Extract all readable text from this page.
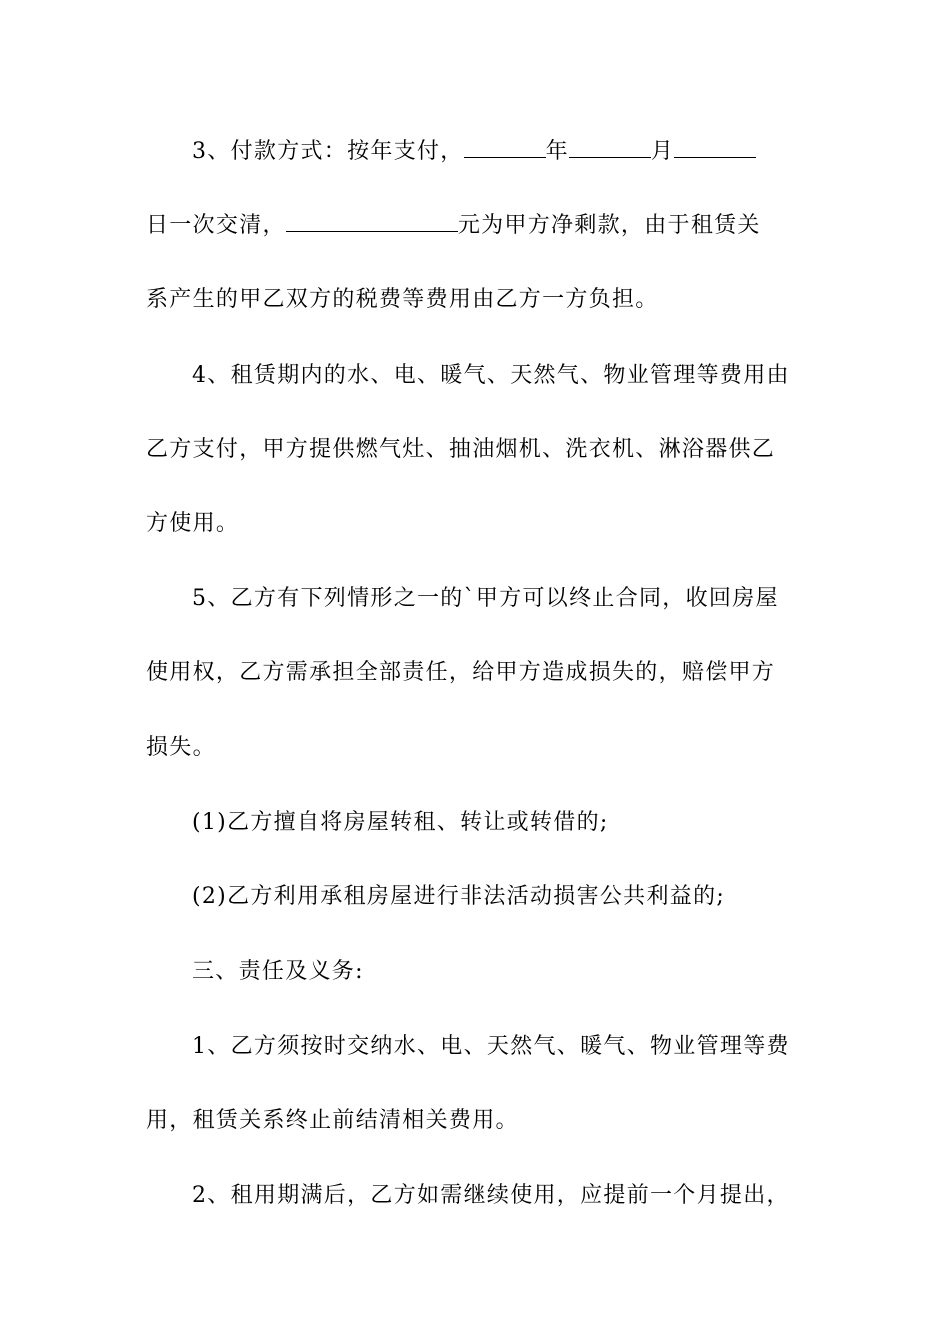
3、付款方式：按年支付，	年	月
日一次交清，	元为甲方净剩款，由于租赁关
系产生的甲乙双方的税费等费用由乙方一方负担。
4、租赁期内的水、电、暖气、天然气、物业管理等费用由
乙方支付，甲方提供燃气灶、抽油烟机、洗衣机、淋浴器供乙
方使用。
5、乙方有下列情形之一的`甲方可以终止合同，收回房屋
使用权，乙方需承担全部责任，给甲方造成损失的，赔偿甲方
损失。
(1)乙方擅自将房屋转租、转让或转借的;
(2)乙方利用承租房屋进行非法活动损害公共利益的;
三、责任及义务:
1、乙方须按时交纳水、电、天然气、暖气、物业管理等费
用，租赁关系终止前结清相关费用。
2、租用期满后，乙方如需继续使用，应提前一个月提出，
